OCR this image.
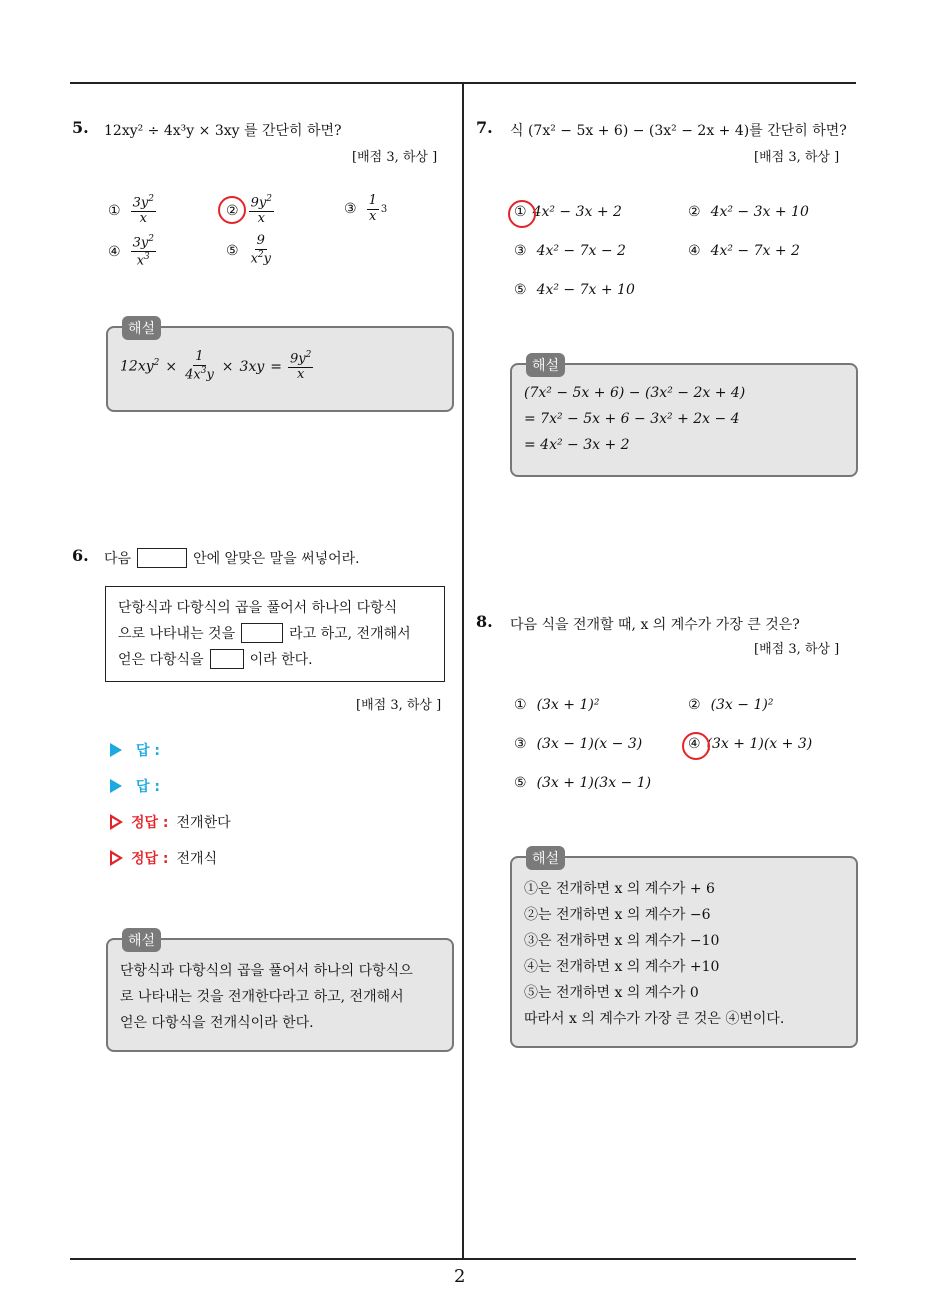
2
5. 12xy² ÷ 4x³y × 3xy 를 간단히 하면?
[배점 3, 하상 ]
① $\frac{3y^2}{x}$	② $\frac{9y^2}{x}$	③ $\frac{1}{x} 3$
④ $\frac{3y^2}{x^3}$	⑤ $\frac{9}{x^2y}$
해설
$12xy^2 \times \frac{1}{4x^3y} \times 3xy = \frac{9y^2}{x}$
6. 다음	안에 알맞은 말을 써넣어라.
단항식과 다항식의 곱을 풀어서 하나의 다항식
으로 나타내는 것을	라고 하고, 전개해서
얻은 다항식을	이라 한다.
[배점 3, 하상 ]
답 :
답 :
정답 : 전개한다
정답 : 전개식
해설
단항식과 다항식의 곱을 풀어서 하나의 다항식으
로 나타내는 것을 전개한다라고 하고, 전개해서
얻은 다항식을 전개식이라 한다.
7. 식 (7x² − 5x + 6) − (3x² − 2x + 4)를 간단히 하면?
[배점 3, 하상 ]
① 4x² − 3x + 2	② 4x² − 3x + 10
③ 4x² − 7x − 2	④ 4x² − 7x + 2
⑤ 4x² − 7x + 10
해설
(7x² − 5x + 6) − (3x² − 2x + 4)
= 7x² − 5x + 6 − 3x² + 2x − 4
= 4x² − 3x + 2
8. 다음 식을 전개할 때, x 의 계수가 가장 큰 것은?
[배점 3, 하상 ]
① (3x + 1)²	② (3x − 1)²
③ (3x − 1)(x − 3)	④ (3x + 1)(x + 3)
⑤ (3x + 1)(3x − 1)
해설
①은 전개하면 x 의 계수가 + 6
②는 전개하면 x 의 계수가 −6
③은 전개하면 x 의 계수가 −10
④는 전개하면 x 의 계수가 +10
⑤는 전개하면 x 의 계수가 0
따라서 x 의 계수가 가장 큰 것은 ④번이다.
